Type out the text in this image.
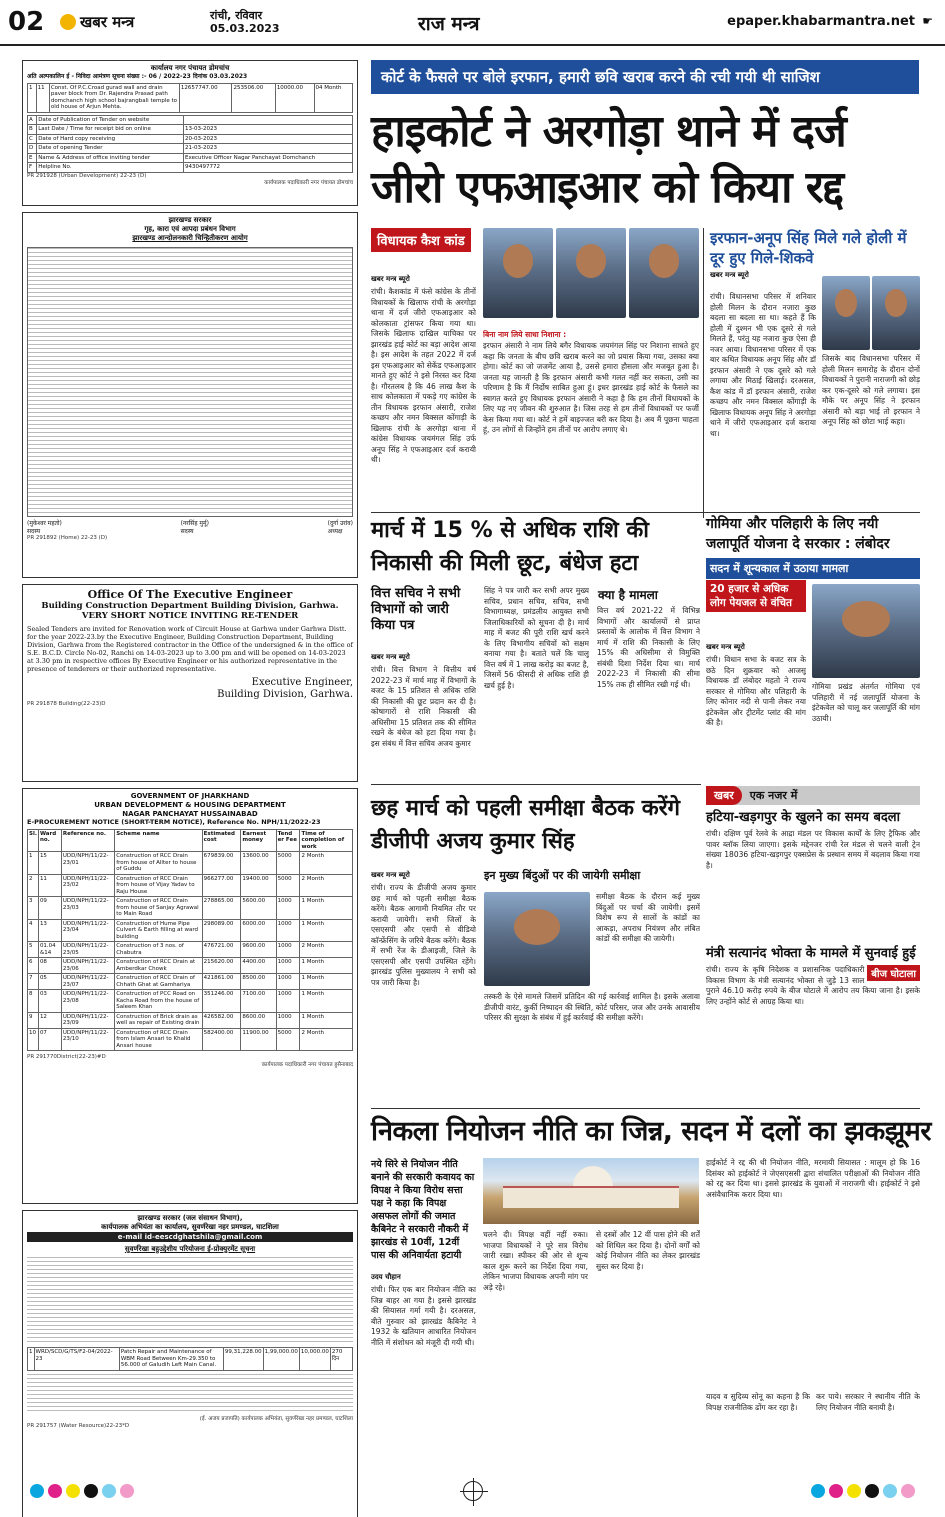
02	खबर मन्त्र	रांची, रविवार
05.03.2023	राज मन्त्र	epaper.khabarmantra.net ☛
कार्यालय नगर पंचायत डोमचांच
अति अल्पकालिन ई - निविदा आमंत्रण सूचना संख्या :- 06 / 2022-23 दिनांक 03.03.2023
1	11	Const. Of P.C.Croad gurad wall and drain paver block from Dr. Rajendra Prasad path domchanch high school bajrangbali temple to old house of Arjun Mehta.	12657747.00	253506.00	10000.00	04 Month
A	Date of Publication of Tender on website	
B	Last Date / Time for receipt bid on online	13-03-2023
C	Date of Hard copy receiving	20-03-2023
D	Date of opening Tender	21-03-2023
E	Name & Address of office inviting tender	Executive Officer Nagar Panchayat Domchanch
F	Helpline No.	9430497772
PR 291928 (Urban Development) 22-23 (D)
कार्यपालक पदाधिकारी नगर पंचायत डोमचांच
झारखण्ड सरकार
गृह, कारा एवं आपदा प्रबंधन विभाग
झारखण्ड आन्दोलनकारी चिन्हितीकरण आयोग
(मुकेश्वर महतो)
सदस्य
(नरसिंह मुर्मू)
सदस्य
(दुर्गा उरांव)
अध्यक्ष
PR 291892 (Home) 22-23 (D)
Office Of The Executive Engineer
Building Construction Department Building Division, Garhwa.
VERY SHORT NOTICE INVITING RE-TENDER

Sealed Tenders are invited for Renovation work of Circuit House at Garhwa under Garhwa Distt. for the year 2022-23.by the Executive Engineer, Building Construction Department, Building Division, Garhwa from the Registered contractor in the Office of the undersigned & in the office of S.E. B.C.D. Circle No-02, Ranchi on 14-03-2023 up to 3.00 pm and will be opened on 14-03-2023 at 3.30 pm in respective offices By Executive Engineer or his authorized representative in the presence of tenderers or their authorized representative.

Executive Engineer,
Building Division, Garhwa.
PR 291878 Building(22-23)D
GOVERNMENT OF JHARKHAND
URBAN DEVELOPMENT & HOUSING DEPARTMENT
NAGAR PANCHAYAT HUSSAINABAD
E-PROCUREMENT NOTICE (SHORT-TERM NOTICE), Reference No. NPH/11/2022-23
Sl.	Ward no.	Reference no.	Scheme name	Estimated cost	Earnest money	Tend er Fee	Time of completion of work
1	15	UDD/NPH/11/22-23/01	Construction of RCC Drain from house of Allter to house of Guddu	679839.00	13600.00	5000	2 Month
2	11	UDD/NPH/11/22-23/02	Construction of RCC Drain from house of Vijay Yadav to Raju House	966277.00	19400.00	5000	2 Month
3	09	UDD/NPH/11/22-23/03	Construction of RCC Drain from house of Sanjay Agrawal to Main Road	278865.00	5600.00	1000	1 Month
4	13	UDD/NPH/11/22-23/04	Construction of Hume Pipe Culvert & Earth filling at ward building	298089.00	6000.00	1000	1 Month
5	01.04 &14	UDD/NPH/11/22-23/05	Construction of 3 nos. of Chabutra	476721.00	9600.00	1000	2 Month
6	08	UDD/NPH/11/22-23/06	Construction of RCC Drain at Amberdkar Chowk	215620.00	4400.00	1000	1 Month
7	05	UDD/NPH/11/22-23/07	Construction of RCC Drain of Chhath Ghat at Gamhariya	421861.00	8500.00	1000	1 Month
8	03	UDD/NPH/11/22-23/08	Construction of PCC Road on Kacha Road from the house of Saleem Khan	351246.00	7100.00	1000	1 Month
9	12	UDD/NPH/11/22-23/09	Construction of Brick drain as well as repair of Existing drain	426582.00	8600.00	1000	1 Month
10	07	UDD/NPH/11/22-23/10	Construction of RCC Drain from Islam Ansari to Khalid Ansari house	582400.00	11900.00	5000	2 Month
PR 291770District(22-23)#D
कार्यपालक पदाधिकारी नगर पंचायत हुसैनाबाद
झारखण्ड सरकार (जल संसाधन विभाग),
कार्यपालक अभियंता का कार्यालय, सुवर्णरेखा नहर प्रमण्डल, घाटशिला
e-mail id-eescdghatshila@gmail.com
सुवर्णरेखा बहुउद्देशीय परियोजना ई-प्रोक्युरमेंट सूचना
1	WRD/SCD/G/TS/F2-04/2022-23	Patch Repair and Maintenance of WBM Road Between Km-29.350 to 56.000 of Galudih Left Main Canal.	99,31,228.00	1,99,000.00	10,000.00	270 दिन
(ई. अजय प्रजापति) कार्यपालक अभियंता, सुवर्णरेखा नहर प्रमण्डल, घाटशिला
PR 291757 (Water Resource)22-23*D
कोर्ट के फैसले पर बोले इरफान, हमारी छवि खराब करने की रची गयी थी साजिश
हाइकोर्ट ने अरगोड़ा थाने में दर्ज जीरो एफआइआर को किया रद्द
विधायक कैश कांड
खबर मन्त्र ब्यूरो

रांची। कैशकांड में फंसे कांग्रेस के तीनों विधायकों के खिलाफ रांची के अरगोड़ा थाना में दर्ज जीरो एफआइआर को कोलकाता ट्रांसफर किया गया था। जिसके खिलाफ दाखिल याचिका पर झारखंड हाई कोर्ट का बड़ा आदेश आया है। इस आदेश के तहत 2022 में दर्ज इस एफआइआर को सेकेंड एफआइआर मानते हुए कोर्ट ने इसे निरस्त कर दिया है। गौरतलब है कि 46 लाख कैश के साथ कोलकाता में पकड़े गए कांग्रेस के तीन विधायक इरफान अंसारी, राजेश कच्छप और नमन बिक्सल कोंगाड़ी के खिलाफ रांची के अरगोड़ा थाना में कांग्रेस विधायक जयमंगल सिंह उर्फ अनूप सिंह ने एफआइआर दर्ज करायी थी।

बिना नाम लिये साधा निशाना :

इरफान अंसारी ने नाम लिये बगैर विधायक जयमंगल सिंह पर निशाना साधते हुए कहा कि जनता के बीच छवि खराब करने का जो प्रयास किया गया, उसका क्या होगा। कोर्ट का जो जजमेंट आया है, उससे हमारा हौसला और मजबूत हुआ है। जनता यह जानती है कि इरफान अंसारी कभी गलत नहीं कर सकता, उसी का परिणाम है कि मैं निर्दोष साबित हुआ हूं। इधर झारखंड हाई कोर्ट के फैसले का स्वागत करते हुए विधायक इरफान अंसारी ने कहा है कि हम तीनों विधायकों के लिए यह नए जीवन की शुरुआत है। जिस तरह से हम तीनों विधायकों पर फर्जी केस किया गया था। कोर्ट ने हमें बाइज्जत बरी कर दिया है। अब मैं पूछना चाहता हूं, उन लोगों से जिन्होंने हम तीनों पर आरोप लगाए थे।

इरफान-अनूप सिंह मिले गले होली में दूर हुए गिले-शिकवे
खबर मन्त्र ब्यूरो

रांची। विधानसभा परिसर में शनिवार होली मिलन के दौरान नजारा कुछ बदला सा बदला सा था। कहते हैं कि होली में दुश्मन भी एक दूसरे से गले मिलते हैं, परंतु यह नजारा कुछ ऐसा ही नजर आया। विधानसभा परिसर में एक बार कथित विधायक अनूप सिंह और डॉ इरफान अंसारी ने एक दूसरे को गले लगाया और मिठाई खिलाई। दरअसल, कैश कांड में डॉ इरफान अंसारी, राजेश कच्छप और नमन विक्सल कोंगाड़ी के खिलाफ विधायक अनूप सिंह ने अरगोड़ा थाने में जीरो एफआइआर दर्ज कराया था।

जिसके बाद विधानसभा परिसर में होली मिलन समारोह के दौरान दोनों विधायकों ने पुरानी नाराजगी को छोड़ कर एक-दूसरे को गले लगाया। इस मौके पर अनूप सिंह ने इरफान अंसारी को बड़ा भाई तो इरफान ने अनूप सिंह को छोटा भाई कहा।

मार्च में 15 % से अधिक राशि की निकासी की मिली छूट, बंधेज हटा
वित्त सचिव ने सभी विभागों को जारी किया पत्र
क्या है मामला
खबर मन्त्र ब्यूरो

रांची। वित्त विभाग ने वित्तीय वर्ष 2022-23 में मार्च माह में विभागों के बजट के 15 प्रतिशत से अधिक राशि की निकासी की छूट प्रदान कर दी है। कोषागारों से राशि निकासी की अधिसीमा 15 प्रतिशत तक की सीमित रखने के बंधेज को हटा दिया गया है। इस संबंध में वित्त सचिव अजय कुमार

सिंह ने पत्र जारी कर सभी अपर मुख्य सचिव, प्रधान सचिव, सचिव, सभी विभागाध्यक्ष, प्रमंडलीय आयुक्त सभी जिलाधिकारियों को सूचना दी है। मार्च माह में बजट की पूरी राशि खर्च करने के लिए विभागीय सचिवों को सक्षम बनाया गया है। बताते चलें कि चालू वित्त वर्ष में 1 लाख करोड़ का बजट है, जिसमें 56 फीसदी से अधिक राशि ही खर्च हुई है।

वित्त वर्ष 2021-22 में विभिन्न विभागों और कार्यालयों से प्राप्त प्रस्तावों के आलोक में वित्त विभाग ने मार्च में राशि की निकासी के लिए 15% की अधिसीमा से विमुक्ति संबंधी दिशा निर्देश दिया था। मार्च 2022-23 में निकासी की सीमा 15% तक ही सीमित रखी गई थी।

गोमिया और पलिहारी के लिए नयी जलापूर्ति योजना दे सरकार : लंबोदर
सदन में शून्यकाल में उठाया मामला
20 हजार से अधिक लोग पेयजल से वंचित
खबर मन्त्र ब्यूरो

रांची। विधान सभा के बजट सत्र के छठे दिन शुक्रवार को आजसू विधायक डॉ लंबोदर महतो ने राज्य सरकार से गोमिया और पलिहारी के लिए कोनार नदी से पानी लेकर नया इंटेकवेल और ट्रीटमेंट प्लांट की मांग की है।

गोमिया प्रखंड अंतर्गत गोमिया एवं पलिहारी में नई जलापूर्ति योजना के इंटेकवेल को चालू कर जलापूर्ति की मांग उठायी।

छह मार्च को पहली समीक्षा बैठक करेंगे डीजीपी अजय कुमार सिंह
खबर मन्त्र ब्यूरो

रांची। राज्य के डीजीपी अजय कुमार छह मार्च को पहली समीक्षा बैठक करेंगे। बैठक आगामी नियमित तौर पर करायी जायेगी। सभी जिलों के एसएसपी और एसपी से वीडियो कॉन्फ्रेंसिंग के जरिये बैठक करेंगे। बैठक में सभी रेंज के डीआइजी, जिले के एसएसपी और एसपी उपस्थित रहेंगे। झारखंड पुलिस मुख्यालय ने सभी को पत्र जारी किया है।

इन मुख्य बिंदुओं पर की जायेगी समीक्षा

समीक्षा बैठक के दौरान कई मुख्य बिंदुओं पर चर्चा की जायेगी। इसमें विशेष रूप से सालों के कांडों का आकड़ा, अपराध नियंत्रण और लंबित कांडों की समीक्षा की जायेगी।

तस्करी के ऐसे मामले जिसमें प्रतिदिन की गई कार्रवाई शामिल है। इसके अलावा डीजीपी वारंट, कुर्की निष्पादन की स्थिति, कोर्ट परिसर, जज और उनके आवासीय परिसर की सुरक्षा के संबंध में हुई कार्रवाई की समीक्षा करेंगे।

खबर	एक नजर में
हटिया-खड़गपुर के खुलने का समय बदला

रांची। दक्षिण पूर्व रेलवे के आद्रा मंडल पर विकास कार्यों के लिए ट्रैफिक और पावर ब्लॉक लिया जाएगा। इसके मद्देनजर रांची रेल मंडल से चलने वाली ट्रेन संख्या 18036 हटिया-खड़गपुर एक्सप्रेस के प्रस्थान समय में बदलाव किया गया है।

मंत्री सत्यानंद भोक्ता के मामले में सुनवाई हुई
बीज घोटाला

रांची। राज्य के कृषि निदेशक व प्रशासनिक पदाधिकारी विकास विभाग के मंत्री सत्यानंद भोक्ता से जुड़े 13 साल पुराने 46.10 करोड़ रुपये के बीज घोटाले में आरोप तय किया जाना है। इसके लिए उन्होंने कोर्ट से आग्रह किया था।

निकला नियोजन नीति का जिन्न, सदन में दलों का झकझूमर
नये सिरे से नियोजन नीति बनाने की सरकारी कवायद का विपक्ष ने किया विरोध सत्ता पक्ष ने कहा कि विपक्ष असफल लोगों की जमात कैबिनेट ने सरकारी नौकरी में झारखंड से 10वीं, 12वीं पास की अनिवार्यता हटायी
उदय चौहान

रांची। फिर एक बार नियोजन नीति का जिन्न बाहर आ गया है। इससे झारखंड की सियासत गर्मा गयी है। दरअसल, बीते गुरुवार को झारखंड कैबिनेट ने 1932 के खतियान आधारित नियोजन नीति में संशोधन को मंजूरी दी गयी थी।

चलने दी। विपक्ष वहीं नहीं रुका। भाजपा विधायकों ने पूरे सत्र विरोध जारी रखा। स्पीकर की ओर से शून्य काल शुरू करने का निर्देश दिया गया, लेकिन भाजपा विधायक अपनी मांग पर अड़े रहे।

से दस्त्रों और 12 वीं पास होने की शर्तें को शिथिल कर दिया है। दोनों वर्गों को कोई नियोजन नीति का लेकर झारखंड सुस्त कर दिया है।

हाईकोर्ट ने रद्द की थी नियोजन नीति, मरमायी सियासत : मालूम हो कि 16 दिसंबर को हाईकोर्ट ने जेएसएससी द्वारा संचालित परीक्षाओं की नियोजन नीति को रद्द कर दिया था। इससे झारखंड के युवाओं में नाराजगी थी। हाईकोर्ट ने इसे असंवैधानिक करार दिया था।

यादव व सुदिव्य सोनू का कहना है कि विपक्ष राजनीतिक ढोंग कर रहा है।

कर पाये। सरकार ने स्थानीय नीति के लिए नियोजन नीति बनायी है।
